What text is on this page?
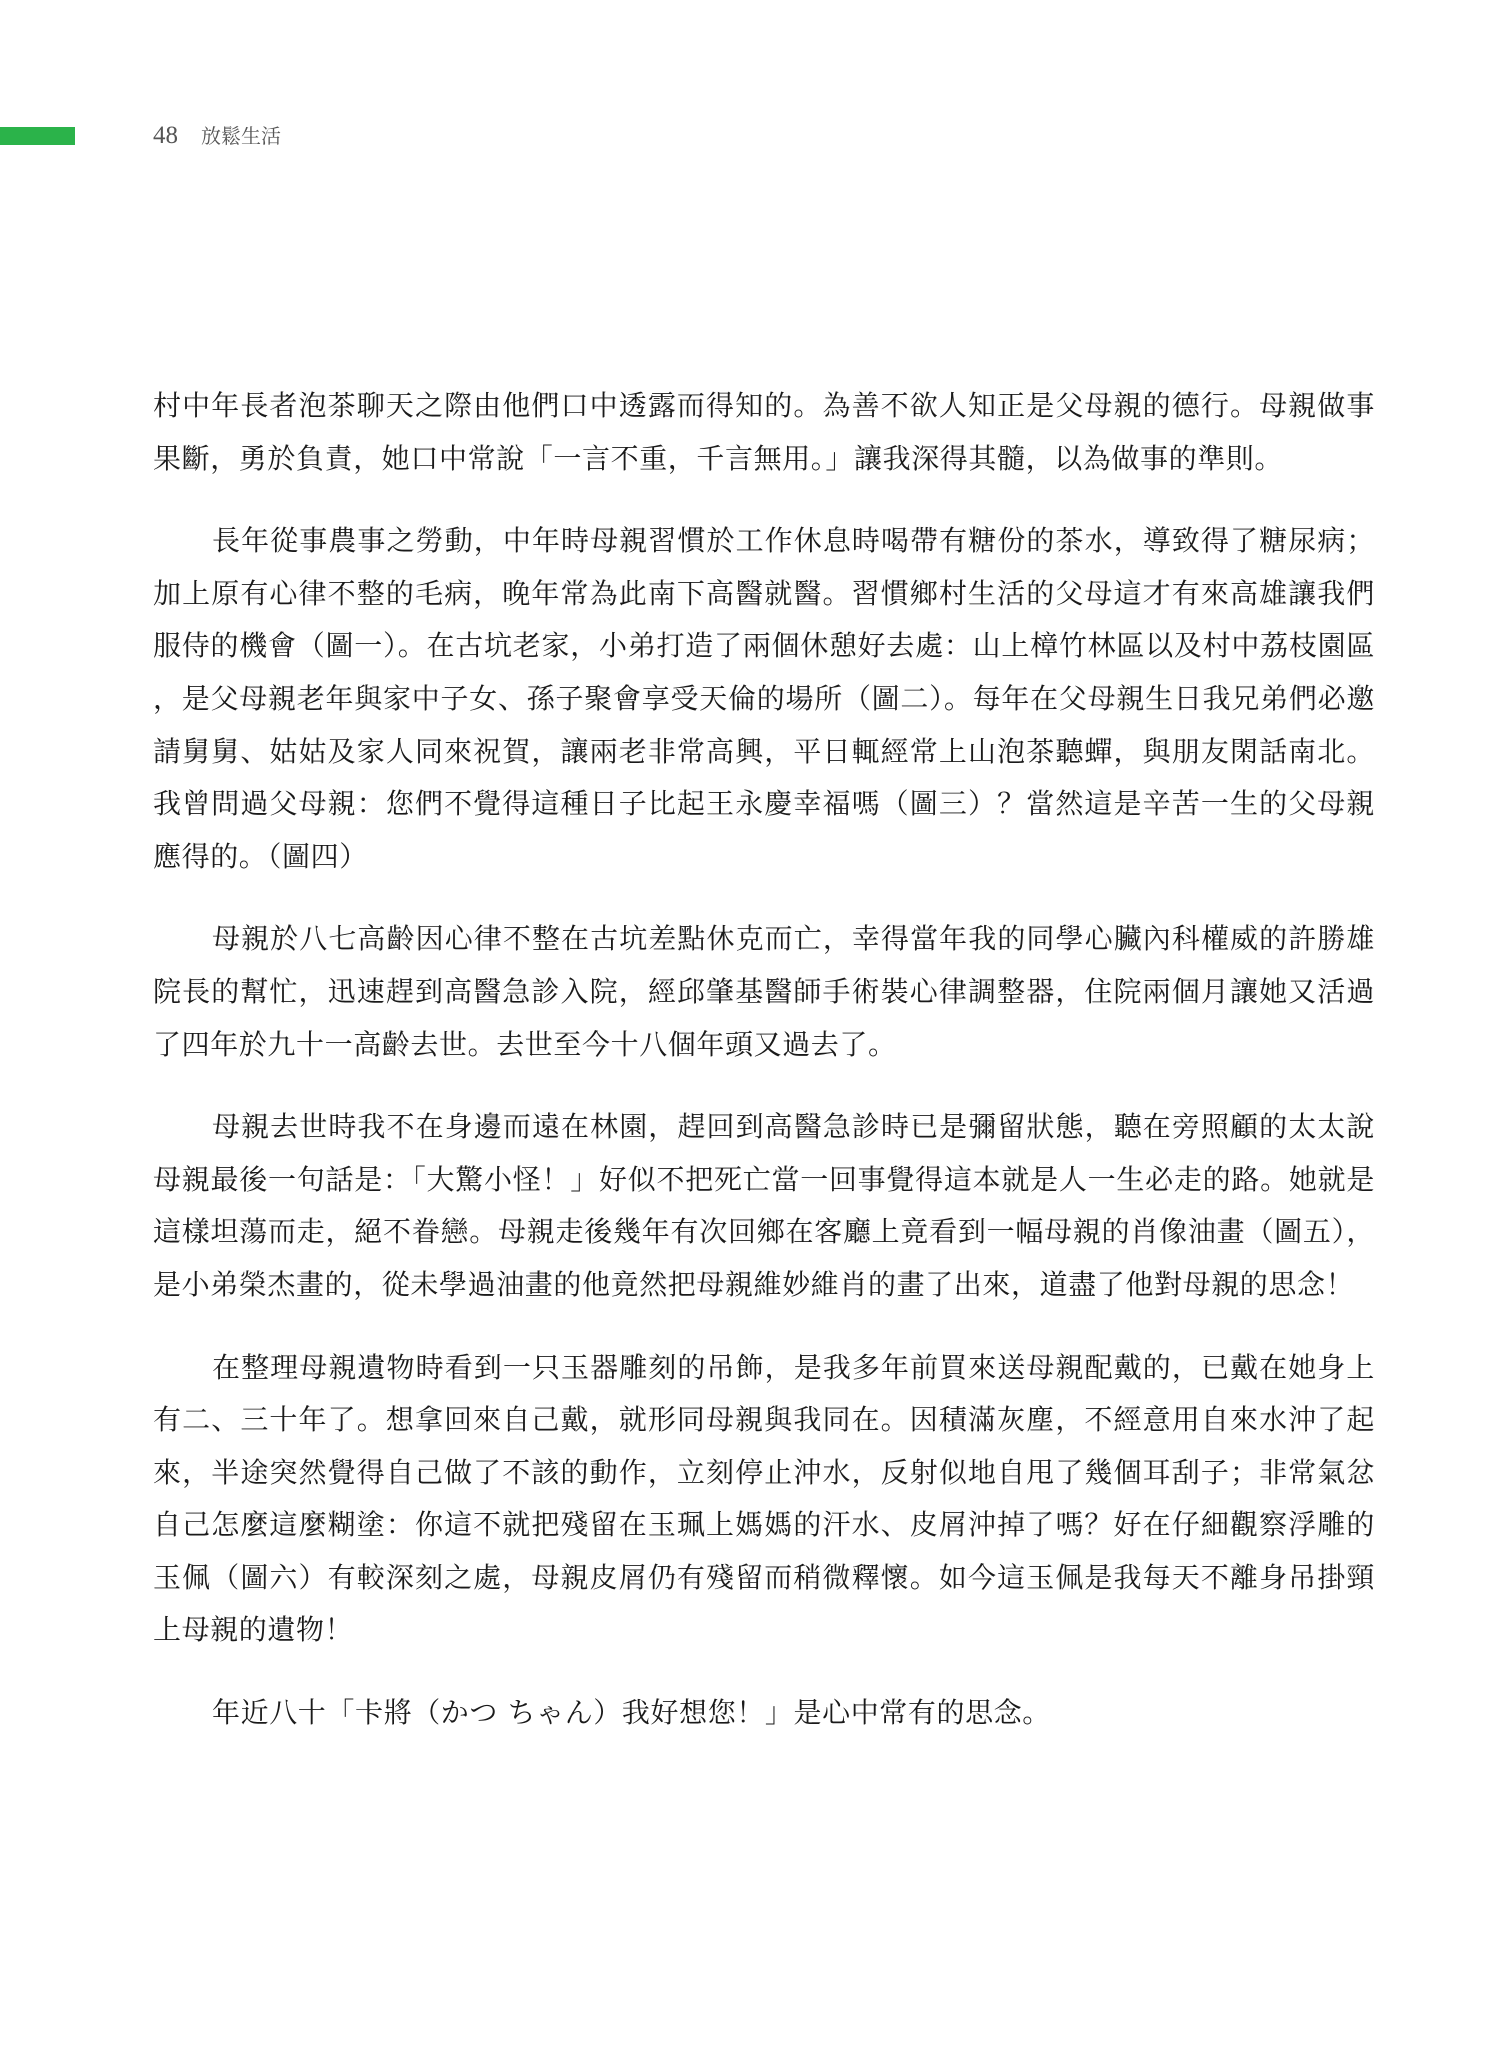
48 放鬆生活

村中年長者泡茶聊天之際由他們口中透露而得知的。為善不欲人知正是父母親的德行。母親做事果斷，勇於負責，她口中常說「一言不重，千言無用。」讓我深得其髓，以為做事的準則。

長年從事農事之勞動，中年時母親習慣於工作休息時喝帶有糖份的茶水，導致得了糖尿病；加上原有心律不整的毛病，晚年常為此南下高醫就醫。習慣鄉村生活的父母這才有來高雄讓我們服侍的機會（圖一）。在古坑老家，小弟打造了兩個休憩好去處：山上樟竹林區以及村中荔枝園區，是父母親老年與家中子女、孫子聚會享受天倫的場所（圖二）。每年在父母親生日我兄弟們必邀請舅舅、姑姑及家人同來祝賀，讓兩老非常高興，平日輒經常上山泡茶聽蟬，與朋友閑話南北。我曾問過父母親：您們不覺得這種日子比起王永慶幸福嗎（圖三）？當然這是辛苦一生的父母親應得的。（圖四）

母親於八七高齡因心律不整在古坑差點休克而亡，幸得當年我的同學心臟內科權威的許勝雄院長的幫忙，迅速趕到高醫急診入院，經邱肇基醫師手術裝心律調整器，住院兩個月讓她又活過了四年於九十一高齡去世。去世至今十八個年頭又過去了。

母親去世時我不在身邊而遠在林園，趕回到高醫急診時已是彌留狀態，聽在旁照顧的太太說母親最後一句話是：「大驚小怪！」好似不把死亡當一回事覺得這本就是人一生必走的路。她就是這樣坦蕩而走，絕不眷戀。母親走後幾年有次回鄉在客廳上竟看到一幅母親的肖像油畫（圖五），是小弟榮杰畫的，從未學過油畫的他竟然把母親維妙維肖的畫了出來，道盡了他對母親的思念！

在整理母親遺物時看到一只玉器雕刻的吊飾，是我多年前買來送母親配戴的，已戴在她身上有二、三十年了。想拿回來自己戴，就形同母親與我同在。因積滿灰塵，不經意用自來水沖了起來，半途突然覺得自己做了不該的動作，立刻停止沖水，反射似地自甩了幾個耳刮子；非常氣忿自己怎麼這麼糊塗：你這不就把殘留在玉珮上媽媽的汗水、皮屑沖掉了嗎？好在仔細觀察浮雕的玉佩（圖六）有較深刻之處，母親皮屑仍有殘留而稍微釋懷。如今這玉佩是我每天不離身吊掛頸上母親的遺物！

年近八十「卡將（かつ ちゃん）我好想您！」是心中常有的思念。
